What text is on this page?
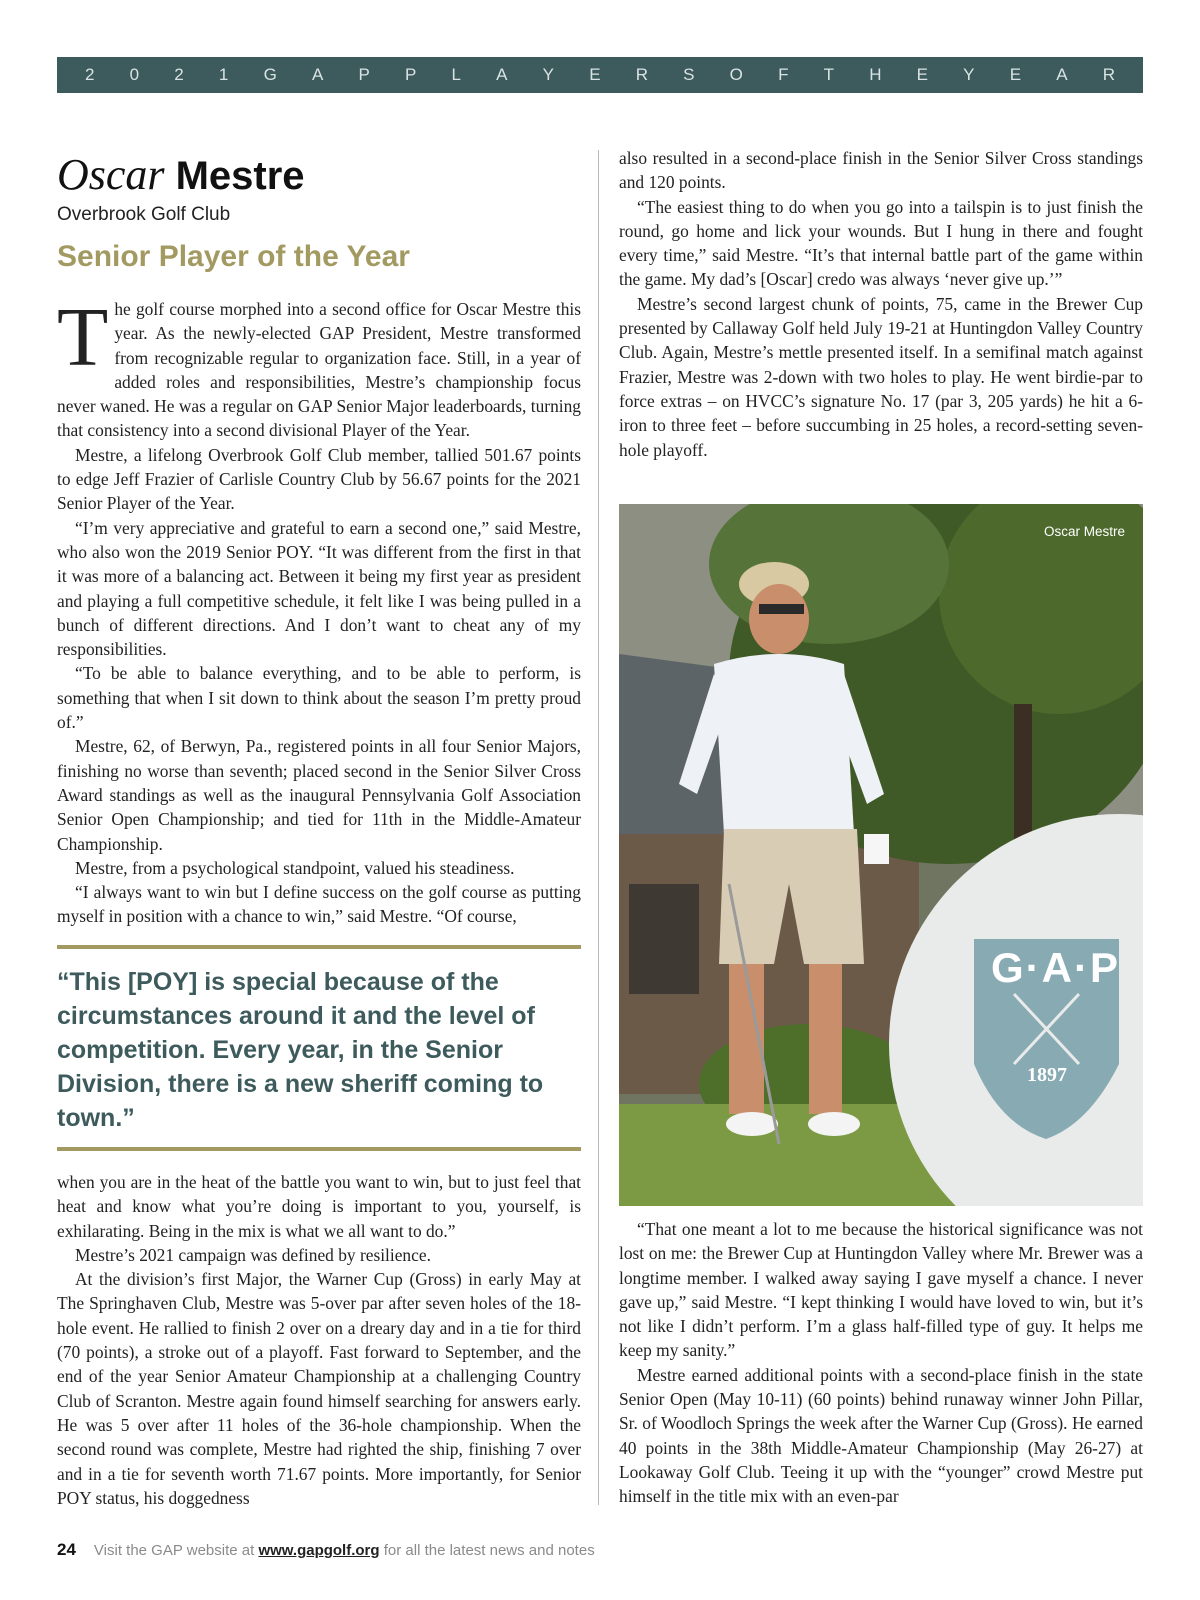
2 0 2 1 G A P P L A Y E R S O F T H E Y E A R
Oscar Mestre
Overbrook Golf Club
Senior Player of the Year

The golf course morphed into a second office for Oscar Mestre this year. As the newly-elected GAP President, Mestre transformed from recognizable regular to organization face. Still, in a year of added roles and responsibilities, Mestre’s championship focus never waned. He was a regular on GAP Senior Major leaderboards, turning that consistency into a second divisional Player of the Year.

Mestre, a lifelong Overbrook Golf Club member, tallied 501.67 points to edge Jeff Frazier of Carlisle Country Club by 56.67 points for the 2021 Senior Player of the Year.

“I’m very appreciative and grateful to earn a second one,” said Mestre, who also won the 2019 Senior POY. “It was different from the first in that it was more of a balancing act. Between it being my first year as president and playing a full competitive schedule, it felt like I was being pulled in a bunch of different directions. And I don’t want to cheat any of my responsibilities.

“To be able to balance everything, and to be able to perform, is something that when I sit down to think about the season I’m pretty proud of.”

Mestre, 62, of Berwyn, Pa., registered points in all four Senior Majors, finishing no worse than seventh; placed second in the Senior Silver Cross Award standings as well as the inaugural Pennsylvania Golf Association Senior Open Championship; and tied for 11th in the Middle-Amateur Championship.

Mestre, from a psychological standpoint, valued his steadiness.

“I always want to win but I define success on the golf course as putting myself in position with a chance to win,” said Mestre. “Of course,

“This [POY] is special because of the circumstances around it and the level of competition. Every year, in the Senior Division, there is a new sheriff coming to town.”

when you are in the heat of the battle you want to win, but to just feel that heat and know what you’re doing is important to you, yourself, is exhilarating. Being in the mix is what we all want to do.”

Mestre’s 2021 campaign was defined by resilience.

At the division’s first Major, the Warner Cup (Gross) in early May at The Springhaven Club, Mestre was 5-over par after seven holes of the 18-hole event. He rallied to finish 2 over on a dreary day and in a tie for third (70 points), a stroke out of a playoff. Fast forward to September, and the end of the year Senior Amateur Championship at a challenging Country Club of Scranton. Mestre again found himself searching for answers early. He was 5 over after 11 holes of the 36-hole championship. When the second round was complete, Mestre had righted the ship, finishing 7 over and in a tie for seventh worth 71.67 points. More importantly, for Senior POY status, his doggedness

also resulted in a second-place finish in the Senior Silver Cross standings and 120 points.

“The easiest thing to do when you go into a tailspin is to just finish the round, go home and lick your wounds. But I hung in there and fought every time,” said Mestre. “It’s that internal battle part of the game within the game. My dad’s [Oscar] credo was always ‘never give up.’”

Mestre’s second largest chunk of points, 75, came in the Brewer Cup presented by Callaway Golf held July 19-21 at Huntingdon Valley Country Club. Again, Mestre’s mettle presented itself. In a semifinal match against Frazier, Mestre was 2-down with two holes to play. He went birdie-par to force extras – on HVCC’s signature No. 17 (par 3, 205 yards) he hit a 6-iron to three feet – before succumbing in 25 holes, a record-setting seven-hole playoff.

Oscar Mestre
G·A·P
1897

“That one meant a lot to me because the historical significance was not lost on me: the Brewer Cup at Huntingdon Valley where Mr. Brewer was a longtime member. I walked away saying I gave myself a chance. I never gave up,” said Mestre. “I kept thinking I would have loved to win, but it’s not like I didn’t perform. I’m a glass half-filled type of guy. It helps me keep my sanity.”

Mestre earned additional points with a second-place finish in the state Senior Open (May 10-11) (60 points) behind runaway winner John Pillar, Sr. of Woodloch Springs the week after the Warner Cup (Gross). He earned 40 points in the 38th Middle-Amateur Championship (May 26-27) at Lookaway Golf Club. Teeing it up with the “younger” crowd Mestre put himself in the title mix with an even-par

24 Visit the GAP website at www.gapgolf.org for all the latest news and notes
